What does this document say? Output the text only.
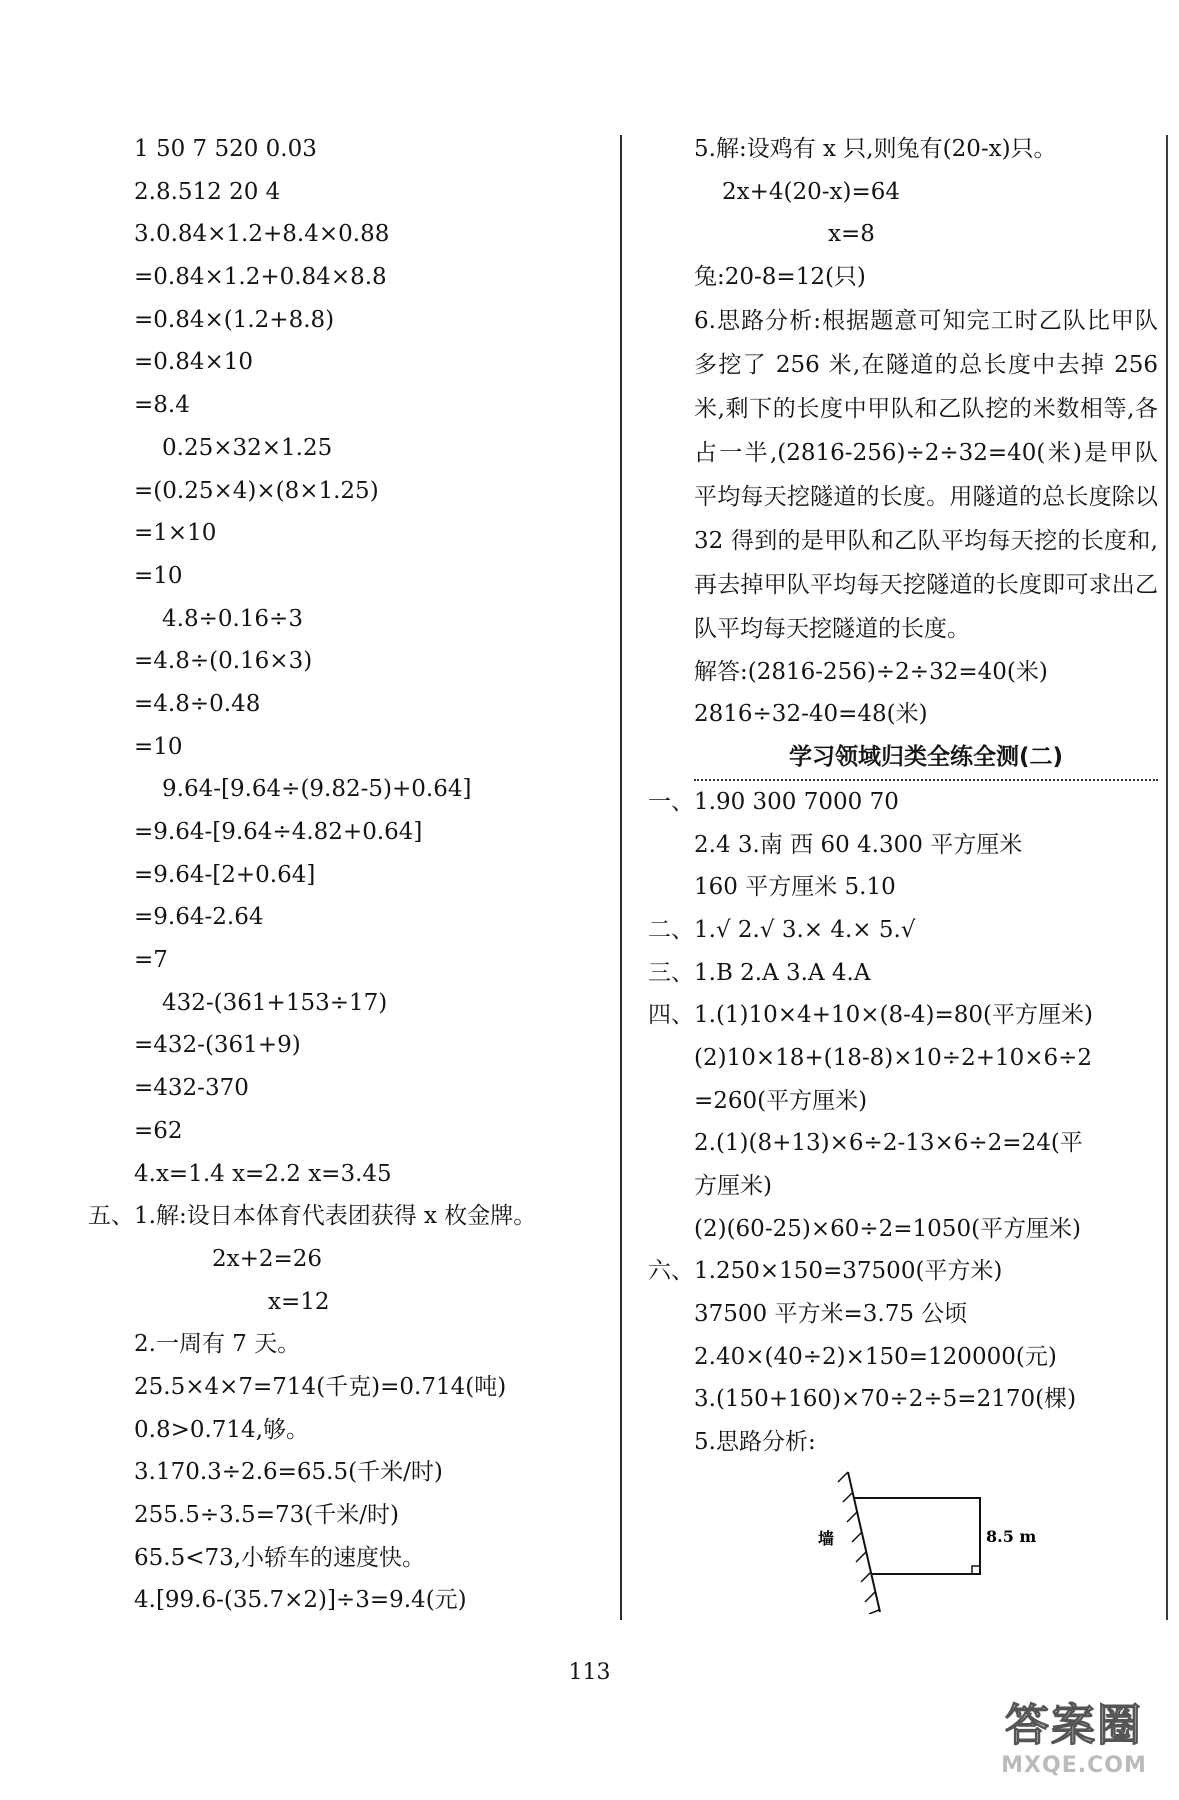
1 50 7 520 0.03
2.8.512 20 4
3.0.84×1.2+8.4×0.88
=0.84×1.2+0.84×8.8
=0.84×(1.2+8.8)
=0.84×10
=8.4
0.25×32×1.25
=(0.25×4)×(8×1.25)
=1×10
=10
4.8÷0.16÷3
=4.8÷(0.16×3)
=4.8÷0.48
=10
9.64-[9.64÷(9.82-5)+0.64]
=9.64-[9.64÷4.82+0.64]
=9.64-[2+0.64]
=9.64-2.64
=7
432-(361+153÷17)
=432-(361+9)
=432-370
=62
4.x=1.4 x=2.2 x=3.45
五、1.解:设日本体育代表团获得 x 枚金牌。
2x+2=26
x=12
2.一周有 7 天。
25.5×4×7=714(千克)=0.714(吨)
0.8>0.714,够。
3.170.3÷2.6=65.5(千米/时)
255.5÷3.5=73(千米/时)
65.5<73,小轿车的速度快。
4.[99.6-(35.7×2)]÷3=9.4(元)
5.解:设鸡有 x 只,则兔有(20-x)只。
2x+4(20-x)=64
x=8
兔:20-8=12(只)
6.思路分析:根据题意可知完工时乙队比甲队多挖了 256 米,在隧道的总长度中去掉 256 米,剩下的长度中甲队和乙队挖的米数相等,各占一半,(2816-256)÷2÷32=40(米)是甲队平均每天挖隧道的长度。用隧道的总长度除以 32 得到的是甲队和乙队平均每天挖的长度和,再去掉甲队平均每天挖隧道的长度即可求出乙队平均每天挖隧道的长度。
解答:(2816-256)÷2÷32=40(米)
2816÷32-40=48(米)
学习领域归类全练全测(二)
一、1.90 300 7000 70
2.4 3.南 西 60 4.300 平方厘米
160 平方厘米 5.10
二、1.√ 2.√ 3.× 4.× 5.√
三、1.B 2.A 3.A 4.A
四、1.(1)10×4+10×(8-4)=80(平方厘米)
(2)10×18+(18-8)×10÷2+10×6÷2
=260(平方厘米)
2.(1)(8+13)×6÷2-13×6÷2=24(平
方厘米)
(2)(60-25)×60÷2=1050(平方厘米)
六、1.250×150=37500(平方米)
37500 平方米=3.75 公顷
2.40×(40÷2)×150=120000(元)
3.(150+160)×70÷2÷5=2170(棵)
5.思路分析:
墙	8.5 m
113
答案圈
MXQE.COM
